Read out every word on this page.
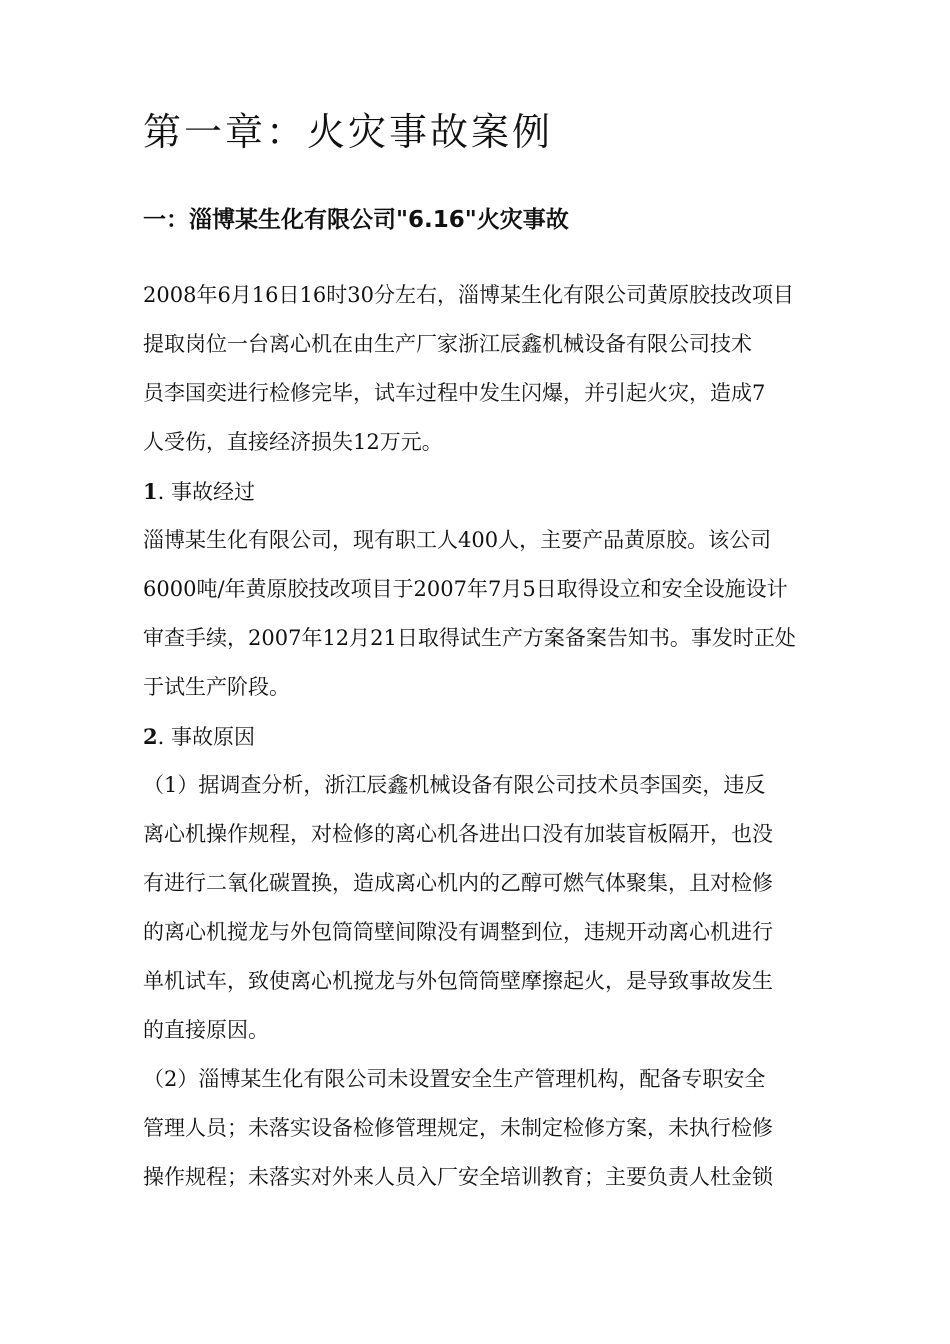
第一章：火灾事故案例
一：淄博某生化有限公司"6.16"火灾事故
2008年6月16日16时30分左右，淄博某生化有限公司黄原胶技改项目
提取岗位一台离心机在由生产厂家浙江辰鑫机械设备有限公司技术
员李国奕进行检修完毕，试车过程中发生闪爆，并引起火灾，造成7
人受伤，直接经济损失12万元。
1. 事故经过
淄博某生化有限公司，现有职工人400人，主要产品黄原胶。该公司
6000吨/年黄原胶技改项目于2007年7月5日取得设立和安全设施设计
审查手续，2007年12月21日取得试生产方案备案告知书。事发时正处
于试生产阶段。
2. 事故原因
（1）据调查分析，浙江辰鑫机械设备有限公司技术员李国奕，违反
离心机操作规程，对检修的离心机各进出口没有加装盲板隔开，也没
有进行二氧化碳置换，造成离心机内的乙醇可燃气体聚集，且对检修
的离心机搅龙与外包筒筒壁间隙没有调整到位，违规开动离心机进行
单机试车，致使离心机搅龙与外包筒筒壁摩擦起火，是导致事故发生
的直接原因。
（2）淄博某生化有限公司未设置安全生产管理机构，配备专职安全
管理人员；未落实设备检修管理规定，未制定检修方案，未执行检修
操作规程；未落实对外来人员入厂安全培训教育；主要负责人杜金锁
